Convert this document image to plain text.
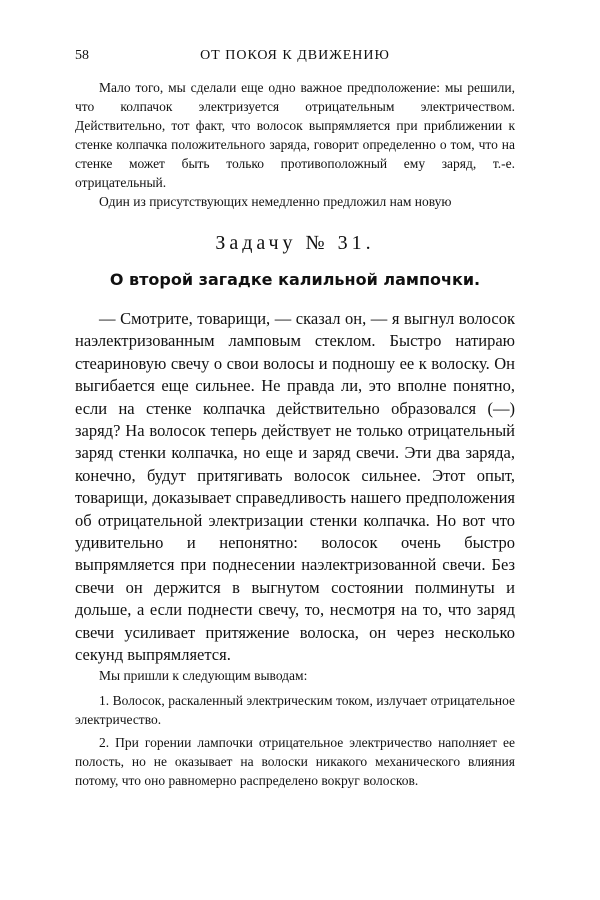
58	ОТ ПОКОЯ К ДВИЖЕНИЮ

Мало того, мы сделали еще одно важное предположение: мы решили, что колпачок электризуется отрицательным электричеством. Действительно, тот факт, что волосок выпрямляется при приближении к стенке колпачка положительного заряда, говорит определенно о том, что на стенке может быть только противоположный ему заряд, т.-е. отрицательный.

Один из присутствующих немедленно предложил нам новую

Задачу № 31.
О второй загадке калильной лампочки.

— Смотрите, товарищи, — сказал он, — я выгнул волосок наэлектризованным ламповым стеклом. Быстро натираю стеариновую свечу о свои волосы и подношу ее к волоску. Он выгибается еще сильнее. Не правда ли, это вполне понятно, если на стенке колпачка действительно образовался (—) заряд? На волосок теперь действует не только отрицательный заряд стенки колпачка, но еще и заряд свечи. Эти два заряда, конечно, будут притягивать волосок сильнее. Этот опыт, товарищи, доказывает справедливость нашего предположения об отрицательной электризации стенки колпачка. Но вот что удивительно и непонятно: волосок очень быстро выпрямляется при поднесении наэлектризованной свечи. Без свечи он держится в выгнутом состоянии полминуты и дольше, а если поднести свечу, то, несмотря на то, что заряд свечи усиливает притяжение волоска, он через несколько секунд выпрямляется.

Мы пришли к следующим выводам:

1. Волосок, раскаленный электрическим током, излучает отрицательное электричество.

2. При горении лампочки отрицательное электричество наполняет ее полость, но не оказывает на волоски никакого механического влияния потому, что оно равномерно распределено вокруг волосков.
